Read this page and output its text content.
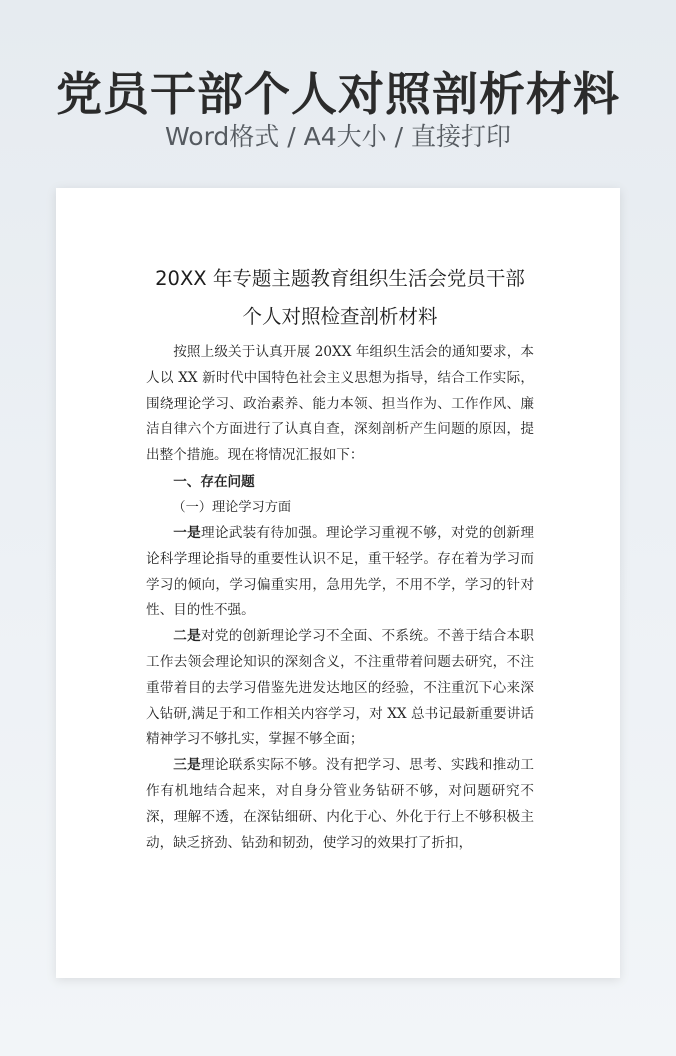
党员干部个人对照剖析材料
Word格式 / A4大小 / 直接打印
20XX 年专题主题教育组织生活会党员干部
个人对照检查剖析材料

按照上级关于认真开展 20XX 年组织生活会的通知要求，本人以 XX 新时代中国特色社会主义思想为指导，结合工作实际，围绕理论学习、政治素养、能力本领、担当作为、工作作风、廉洁自律六个方面进行了认真自查，深刻剖析产生问题的原因，提出整个措施。现在将情况汇报如下：

一、存在问题

（一）理论学习方面

一是理论武装有待加强。理论学习重视不够，对党的创新理论科学理论指导的重要性认识不足，重干轻学。存在着为学习而学习的倾向，学习偏重实用，急用先学，不用不学，学习的针对性、目的性不强。

二是对党的创新理论学习不全面、不系统。不善于结合本职工作去领会理论知识的深刻含义，不注重带着问题去研究，不注重带着目的去学习借鉴先进发达地区的经验，不注重沉下心来深入钻研,满足于和工作相关内容学习，对 XX 总书记最新重要讲话精神学习不够扎实，掌握不够全面；

三是理论联系实际不够。没有把学习、思考、实践和推动工作有机地结合起来，对自身分管业务钻研不够，对问题研究不深，理解不透，在深钻细研、内化于心、外化于行上不够积极主动，缺乏挤劲、钻劲和韧劲，使学习的效果打了折扣，
